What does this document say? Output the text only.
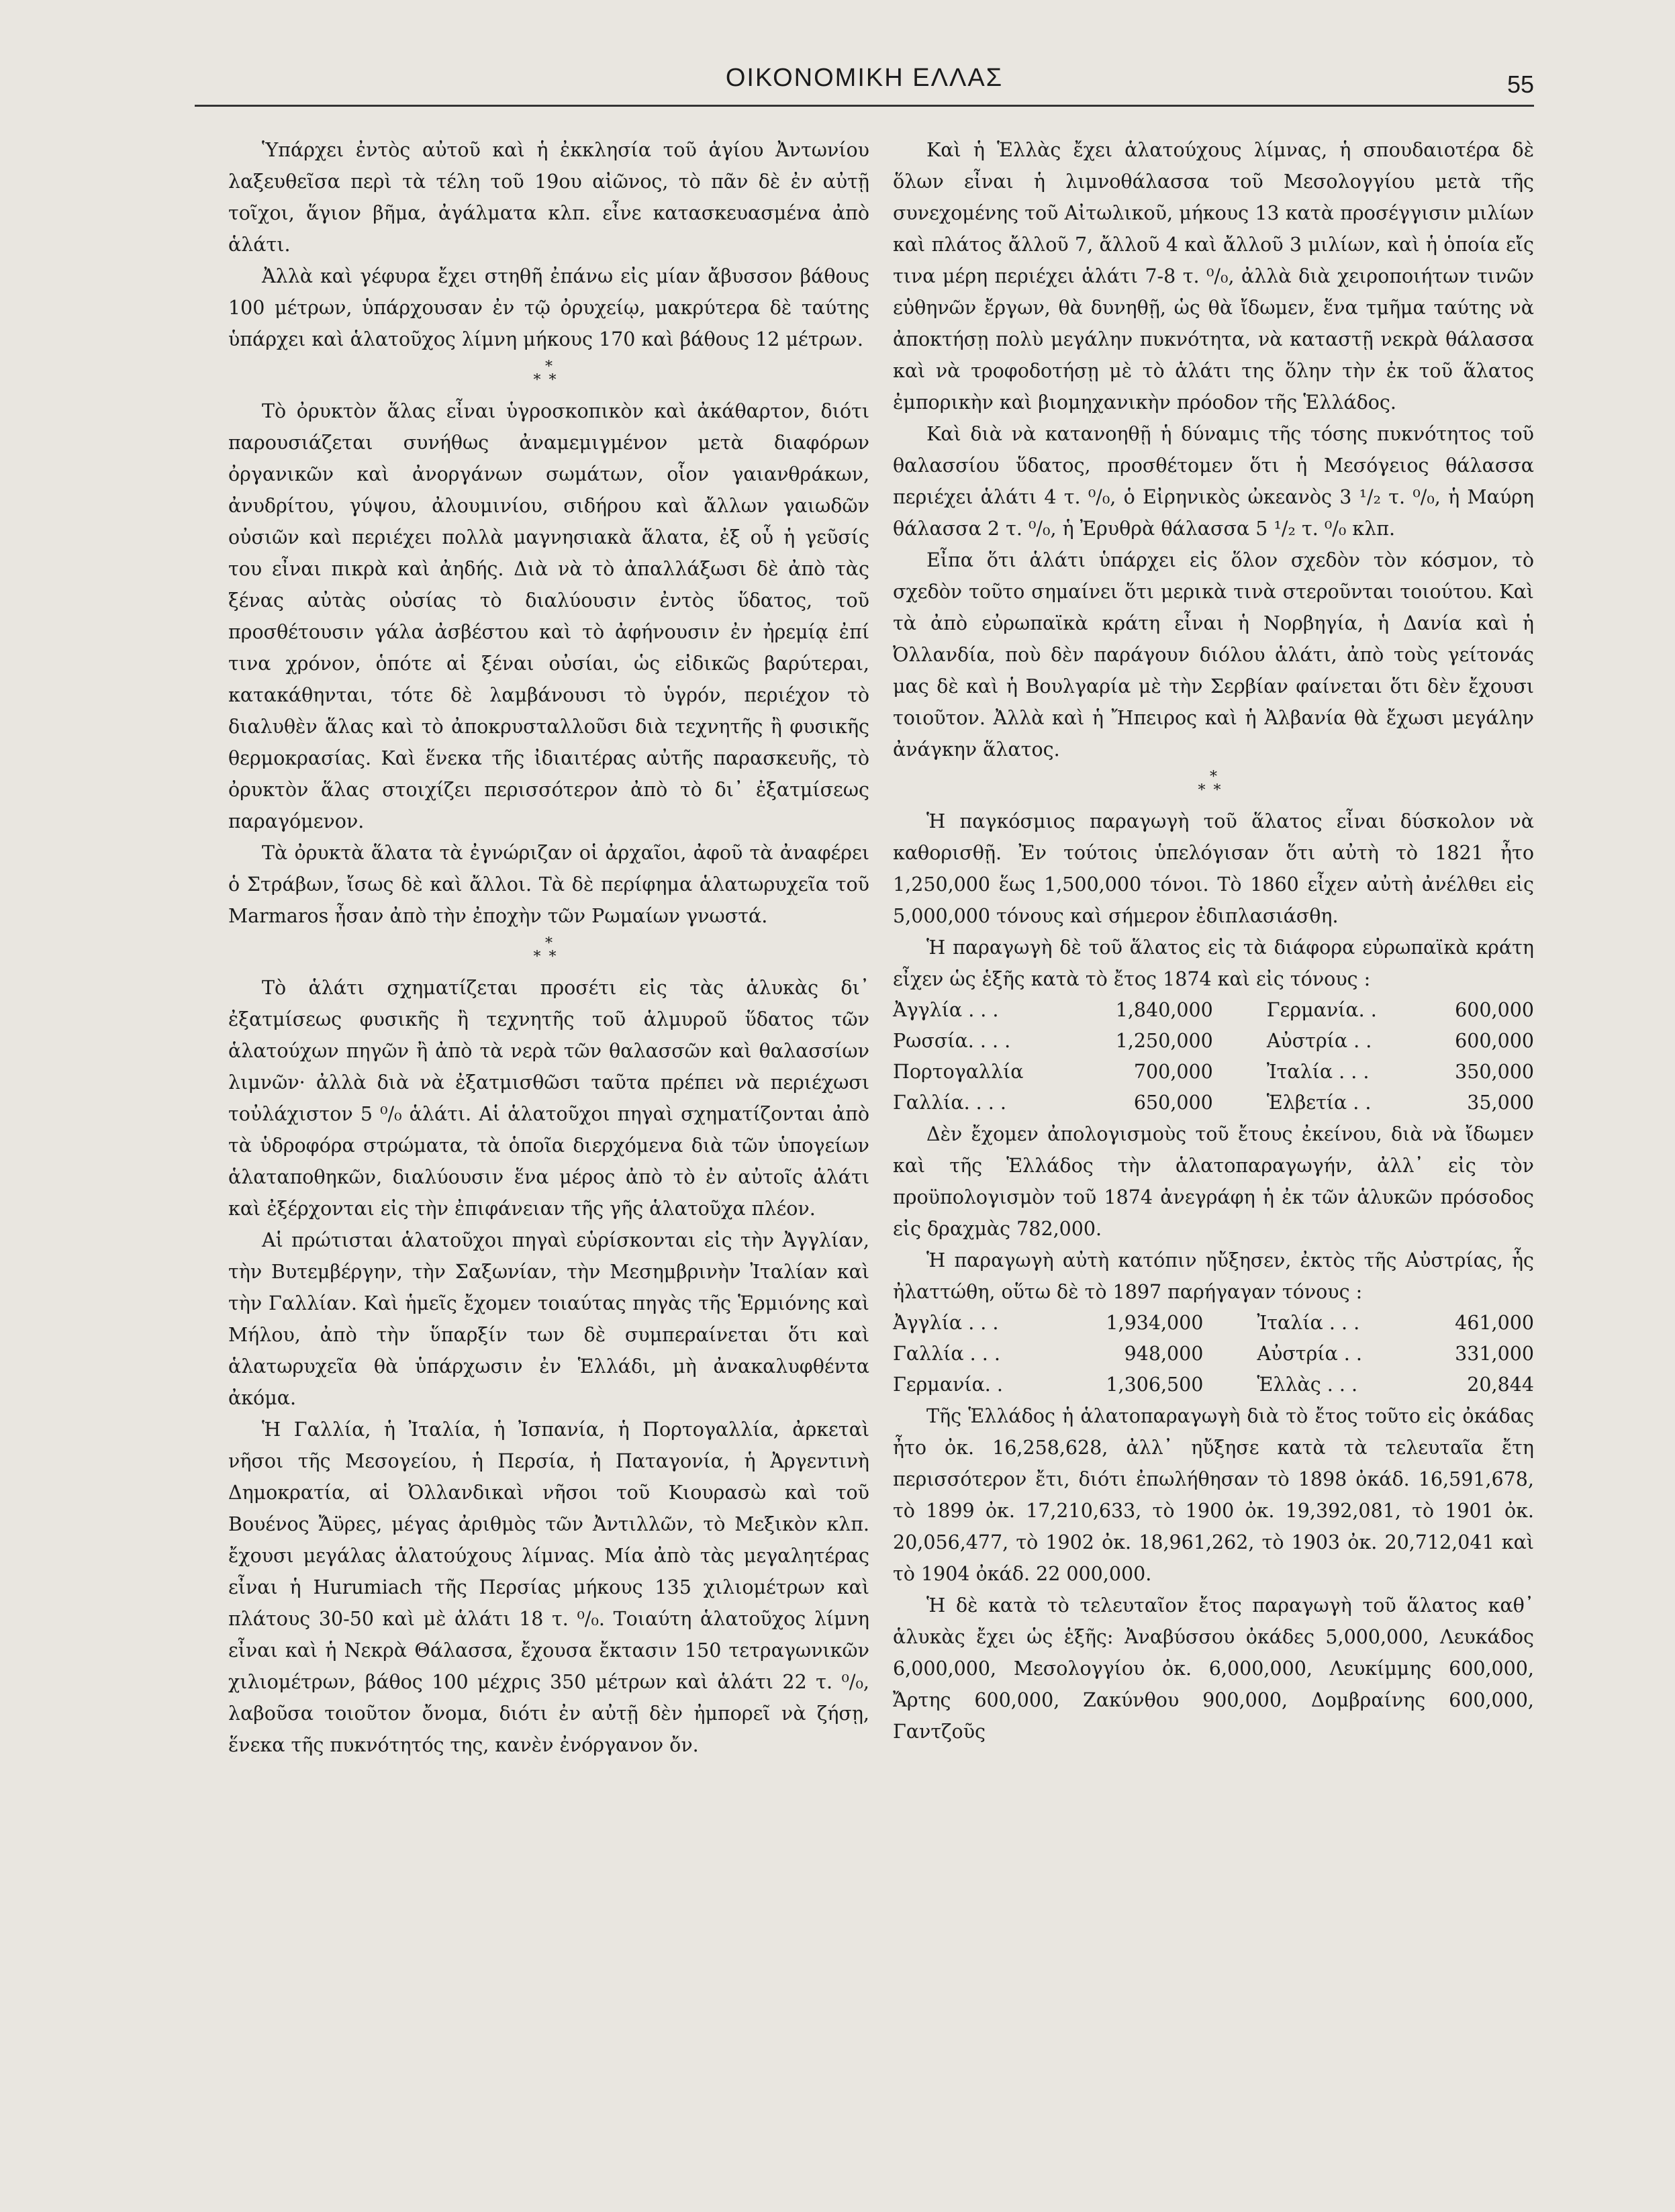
ΟΙΚΟΝΟΜΙΚΗ ΕΛΛΑΣ	55

Ὑπάρχει ἐντὸς αὐτοῦ καὶ ἡ ἐκκλησία τοῦ ἁγίου Ἀντωνίου λαξευθεῖσα περὶ τὰ τέλη τοῦ 19ου αἰῶνος, τὸ πᾶν δὲ ἐν αὐτῇ τοῖχοι, ἅγιον βῆμα, ἀγάλματα κλπ. εἶνε κατασκευασμένα ἀπὸ ἁλάτι.

Ἀλλὰ καὶ γέφυρα ἔχει στηθῆ ἐπάνω εἰς μίαν ἄβυσσον βάθους 100 μέτρων, ὑπάρχουσαν ἐν τῷ ὀρυχείῳ, μακρύτερα δὲ ταύτης ὑπάρχει καὶ ἁλατοῦχος λίμνη μήκους 170 καὶ βάθους 12 μέτρων.

*
**

Τὸ ὀρυκτὸν ἅλας εἶναι ὑγροσκοπικὸν καὶ ἀκάθαρτον, διότι παρουσιάζεται συνήθως ἀναμεμιγμένον μετὰ διαφόρων ὀργανικῶν καὶ ἀνοργάνων σωμάτων, οἷον γαιανθράκων, ἀνυδρίτου, γύψου, ἀλουμινίου, σιδήρου καὶ ἄλλων γαιωδῶν οὐσιῶν καὶ περιέχει πολλὰ μαγνησιακὰ ἅλατα, ἐξ οὗ ἡ γεῦσίς του εἶναι πικρὰ καὶ ἀηδής. Διὰ νὰ τὸ ἀπαλλάξωσι δὲ ἀπὸ τὰς ξένας αὐτὰς οὐσίας τὸ διαλύουσιν ἐντὸς ὕδατος, τοῦ προσθέτουσιν γάλα ἀσβέστου καὶ τὸ ἀφήνουσιν ἐν ἠρεμίᾳ ἐπί τινα χρόνον, ὁπότε αἱ ξέναι οὐσίαι, ὡς εἰδικῶς βαρύτεραι, κατακάθηνται, τότε δὲ λαμβάνουσι τὸ ὑγρόν, περιέχον τὸ διαλυθὲν ἅλας καὶ τὸ ἀποκρυσταλλοῦσι διὰ τεχνητῆς ἢ φυσικῆς θερμοκρασίας. Καὶ ἕνεκα τῆς ἰδιαιτέρας αὐτῆς παρασκευῆς, τὸ ὀρυκτὸν ἅλας στοιχίζει περισσότερον ἀπὸ τὸ δι᾿ ἐξατμίσεως παραγόμενον.

Τὰ ὀρυκτὰ ἅλατα τὰ ἐγνώριζαν οἱ ἀρχαῖοι, ἀφοῦ τὰ ἀναφέρει ὁ Στράβων, ἴσως δὲ καὶ ἄλλοι. Τὰ δὲ περίφημα ἁλατωρυχεῖα τοῦ Marmaros ἦσαν ἀπὸ τὴν ἐποχὴν τῶν Ρωμαίων γνωστά.

*
**

Τὸ ἁλάτι σχηματίζεται προσέτι εἰς τὰς ἁλυκὰς δι᾿ ἐξατμίσεως φυσικῆς ἢ τεχνητῆς τοῦ ἁλμυροῦ ὕδατος τῶν ἁλατούχων πηγῶν ἢ ἀπὸ τὰ νερὰ τῶν θαλασσῶν καὶ θαλασσίων λιμνῶν· ἀλλὰ διὰ νὰ ἐξατμισθῶσι ταῦτα πρέπει νὰ περιέχωσι τοὐλάχιστον 5 ⁰/₀ ἁλάτι. Αἱ ἁλατοῦχοι πηγαὶ σχηματίζονται ἀπὸ τὰ ὑδροφόρα στρώματα, τὰ ὁποῖα διερχόμενα διὰ τῶν ὑπογείων ἁλαταποθηκῶν, διαλύουσιν ἕνα μέρος ἀπὸ τὸ ἐν αὐτοῖς ἁλάτι καὶ ἐξέρχονται εἰς τὴν ἐπιφάνειαν τῆς γῆς ἁλατοῦχα πλέον.

Αἱ πρώτισται ἁλατοῦχοι πηγαὶ εὑρίσκονται εἰς τὴν Ἀγγλίαν, τὴν Βυτεμβέργην, τὴν Σαξωνίαν, τὴν Μεσημβρινὴν Ἰταλίαν καὶ τὴν Γαλλίαν. Καὶ ἡμεῖς ἔχομεν τοιαύτας πηγὰς τῆς Ἑρμιόνης καὶ Μήλου, ἀπὸ τὴν ὕπαρξίν των δὲ συμπεραίνεται ὅτι καὶ ἁλατωρυχεῖα θὰ ὑπάρχωσιν ἐν Ἑλλάδι, μὴ ἀνακαλυφθέντα ἀκόμα.

Ἡ Γαλλία, ἡ Ἰταλία, ἡ Ἰσπανία, ἡ Πορτογαλλία, ἀρκεταὶ νῆσοι τῆς Μεσογείου, ἡ Περσία, ἡ Παταγονία, ἡ Ἀργεντινὴ Δημοκρατία, αἱ Ὀλλανδικαὶ νῆσοι τοῦ Κιουρασὼ καὶ τοῦ Βουένος Ἄϋρες, μέγας ἀριθμὸς τῶν Ἀντιλλῶν, τὸ Μεξικὸν κλπ. ἔχουσι μεγάλας ἁλατούχους λίμνας. Μία ἀπὸ τὰς μεγαλητέρας εἶναι ἡ Hurumiach τῆς Περσίας μήκους 135 χιλιομέτρων καὶ πλάτους 30-50 καὶ μὲ ἁλάτι 18 τ. ⁰/₀. Τοιαύτη ἁλατοῦχος λίμνη εἶναι καὶ ἡ Νεκρὰ Θάλασσα, ἔχουσα ἔκτασιν 150 τετραγωνικῶν χιλιομέτρων, βάθος 100 μέχρις 350 μέτρων καὶ ἁλάτι 22 τ. ⁰/₀, λαβοῦσα τοιοῦτον ὄνομα, διότι ἐν αὐτῇ δὲν ἠμπορεῖ νὰ ζήσῃ, ἕνεκα τῆς πυκνότητός της, κανὲν ἐνόργανον ὄν.

Καὶ ἡ Ἑλλὰς ἔχει ἁλατούχους λίμνας, ἡ σπουδαιοτέρα δὲ ὅλων εἶναι ἡ λιμνοθάλασσα τοῦ Μεσολογγίου μετὰ τῆς συνεχομένης τοῦ Αἰτωλικοῦ, μήκους 13 κατὰ προσέγγισιν μιλίων καὶ πλάτος ἄλλοῦ 7, ἄλλοῦ 4 καὶ ἄλλοῦ 3 μιλίων, καὶ ἡ ὁποία εἴς τινα μέρη περιέχει ἁλάτι 7-8 τ. ⁰/₀, ἀλλὰ διὰ χειροποιήτων τινῶν εὐθηνῶν ἔργων, θὰ δυνηθῇ, ὡς θὰ ἴδωμεν, ἕνα τμῆμα ταύτης νὰ ἀποκτήσῃ πολὺ μεγάλην πυκνότητα, νὰ καταστῇ νεκρὰ θάλασσα καὶ νὰ τροφοδοτήσῃ μὲ τὸ ἁλάτι της ὅλην τὴν ἐκ τοῦ ἅλατος ἐμπορικὴν καὶ βιομηχανικὴν πρόοδον τῆς Ἑλλάδος.

Καὶ διὰ νὰ κατανοηθῇ ἡ δύναμις τῆς τόσης πυκνότητος τοῦ θαλασσίου ὕδατος, προσθέτομεν ὅτι ἡ Μεσόγειος θάλασσα περιέχει ἁλάτι 4 τ. ⁰/₀, ὁ Εἰρηνικὸς ὠκεανὸς 3 ¹/₂ τ. ⁰/₀, ἡ Μαύρη θάλασσα 2 τ. ⁰/₀, ἡ Ἐρυθρὰ θάλασσα 5 ¹/₂ τ. ⁰/₀ κλπ.

Εἶπα ὅτι ἁλάτι ὑπάρχει εἰς ὅλον σχεδὸν τὸν κόσμον, τὸ σχεδὸν τοῦτο σημαίνει ὅτι μερικὰ τινὰ στεροῦνται τοιούτου. Καὶ τὰ ἀπὸ εὐρωπαϊκὰ κράτη εἶναι ἡ Νορβηγία, ἡ Δανία καὶ ἡ Ὀλλανδία, ποὺ δὲν παράγουν διόλου ἁλάτι, ἀπὸ τοὺς γείτονάς μας δὲ καὶ ἡ Βουλγαρία μὲ τὴν Σερβίαν φαίνεται ὅτι δὲν ἔχουσι τοιοῦτον. Ἀλλὰ καὶ ἡ Ἤπειρος καὶ ἡ Ἀλβανία θὰ ἔχωσι μεγάλην ἀνάγκην ἅλατος.

*
**

Ἡ παγκόσμιος παραγωγὴ τοῦ ἅλατος εἶναι δύσκολον νὰ καθορισθῇ. Ἐν τούτοις ὑπελόγισαν ὅτι αὐτὴ τὸ 1821 ἦτο 1,250,000 ἕως 1,500,000 τόνοι. Τὸ 1860 εἶχεν αὐτὴ ἀνέλθει εἰς 5,000,000 τόνους καὶ σήμερον ἐδιπλασιάσθη.

Ἡ παραγωγὴ δὲ τοῦ ἅλατος εἰς τὰ διάφορα εὐρωπαϊκὰ κράτη εἶχεν ὡς ἑξῆς κατὰ τὸ ἔτος 1874 καὶ εἰς τόνους :

Ἀγγλία . . .	1,840,000	Γερμανία. .	600,000
Ρωσσία. . . .	1,250,000	Αὐστρία . .	600,000
Πορτογαλλία	700,000	Ἰταλία . . .	350,000
Γαλλία. . . .	650,000	Ἑλβετία . .	35,000

Δὲν ἔχομεν ἀπολογισμοὺς τοῦ ἔτους ἐκείνου, διὰ νὰ ἴδωμεν καὶ τῆς Ἑλλάδος τὴν ἁλατοπαραγωγήν, ἀλλ᾿ εἰς τὸν προϋπολογισμὸν τοῦ 1874 ἀνεγράφη ἡ ἐκ τῶν ἁλυκῶν πρόσοδος εἰς δραχμὰς 782,000.

Ἡ παραγωγὴ αὐτὴ κατόπιν ηὔξησεν, ἐκτὸς τῆς Αὐστρίας, ἧς ἠλαττώθη, οὕτω δὲ τὸ 1897 παρήγαγαν τόνους :

Ἀγγλία . . .	1,934,000	Ἰταλία . . .	461,000
Γαλλία . . .	948,000	Αὐστρία . .	331,000
Γερμανία. .	1,306,500	Ἑλλὰς . . .	20,844

Τῆς Ἑλλάδος ἡ ἁλατοπαραγωγὴ διὰ τὸ ἔτος τοῦτο εἰς ὀκάδας ἦτο ὀκ. 16,258,628, ἀλλ᾿ ηὔξησε κατὰ τὰ τελευταῖα ἔτη περισσότερον ἔτι, διότι ἐπωλήθησαν τὸ 1898 ὀκάδ. 16,591,678, τὸ 1899 ὀκ. 17,210,633, τὸ 1900 ὀκ. 19,392,081, τὸ 1901 ὀκ. 20,056,477, τὸ 1902 ὀκ. 18,961,262, τὸ 1903 ὀκ. 20,712,041 καὶ τὸ 1904 ὀκάδ. 22 000,000.

Ἡ δὲ κατὰ τὸ τελευταῖον ἔτος παραγωγὴ τοῦ ἅλατος καθ᾿ ἁλυκὰς ἔχει ὡς ἑξῆς: Ἀναβύσσου ὀκάδες 5,000,000, Λευκάδος 6,000,000, Μεσολογγίου ὀκ. 6,000,000, Λευκίμμης 600,000, Ἄρτης 600,000, Ζακύνθου 900,000, Δομβραίνης 600,000, Γαντζοῦς
